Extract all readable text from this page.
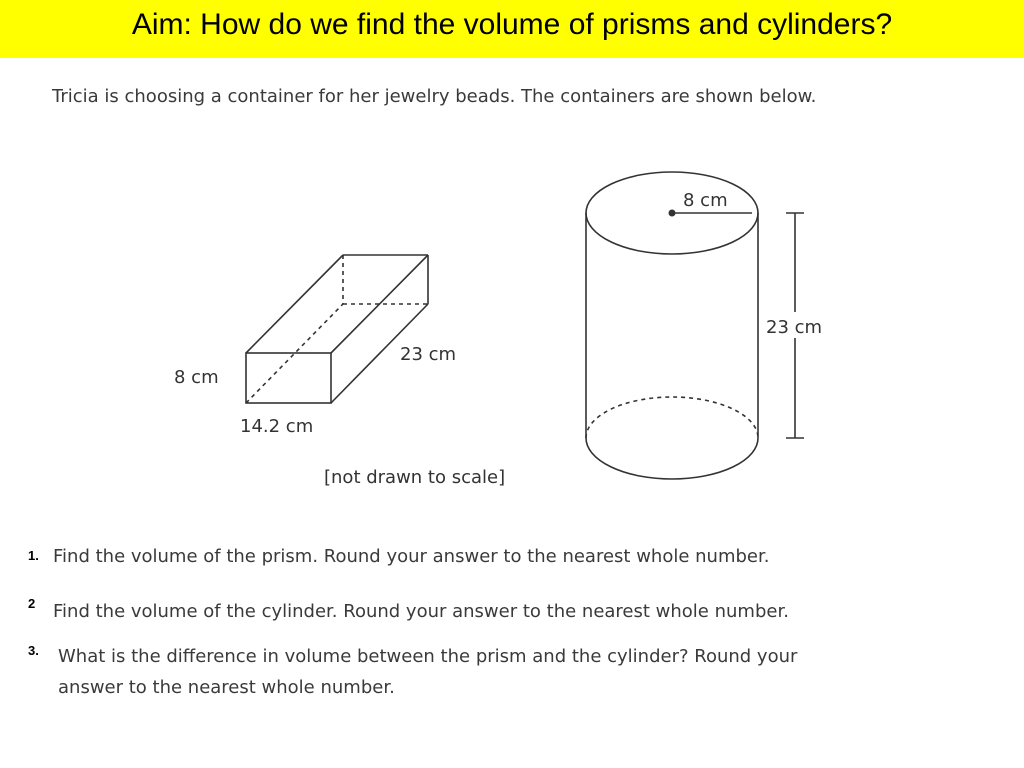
Aim: How do we find the volume of prisms and cylinders?
Tricia is choosing a container for her jewelry beads. The containers are shown below.
8 cm
23 cm
14.2 cm
8 cm
23 cm
[not drawn to scale]
1. Find the volume of the prism. Round your answer to the nearest whole number.
2 Find the volume of the cylinder. Round your answer to the nearest whole number.
3. What is the difference in volume between the prism and the cylinder? Round your
answer to the nearest whole number.
